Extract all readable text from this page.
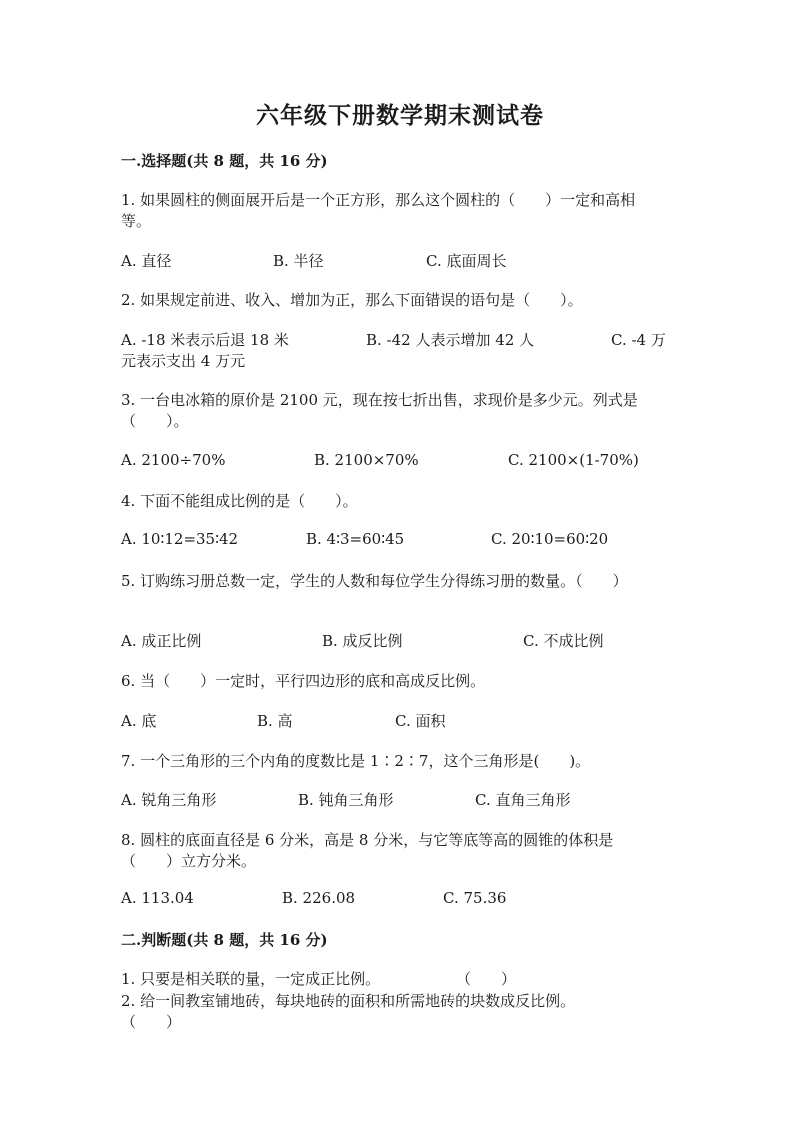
六年级下册数学期末测试卷
一.选择题(共 8 题，共 16 分)
1. 如果圆柱的侧面展开后是一个正方形，那么这个圆柱的（　　）一定和高相
等。
A. 直径	B. 半径	C. 底面周长
2. 如果规定前进、收入、增加为正，那么下面错误的语句是（　　）。
A. -18 米表示后退 18 米	B. -42 人表示增加 42 人	C. -4 万
元表示支出 4 万元
3. 一台电冰箱的原价是 2100 元，现在按七折出售，求现价是多少元。列式是
（　　）。
A. 2100÷70%	B. 2100×70%	C. 2100×(1-70%)
4. 下面不能组成比例的是（　　）。
A. 10∶12=35∶42	B. 4∶3=60∶45	C. 20∶10=60∶20
5. 订购练习册总数一定，学生的人数和每位学生分得练习册的数量。（　　）
A. 成正比例	B. 成反比例	C. 不成比例
6. 当（　　）一定时，平行四边形的底和高成反比例。
A. 底	B. 高	C. 面积
7. 一个三角形的三个内角的度数比是 1∶2∶7，这个三角形是(　　)。
A. 锐角三角形	B. 钝角三角形	C. 直角三角形
8. 圆柱的底面直径是 6 分米，高是 8 分米，与它等底等高的圆锥的体积是
（　　）立方分米。
A. 113.04	B. 226.08	C. 75.36
二.判断题(共 8 题，共 16 分)
1. 只要是相关联的量，一定成正比例。	（　　）
2. 给一间教室铺地砖，每块地砖的面积和所需地砖的块数成反比例。
（　　）
